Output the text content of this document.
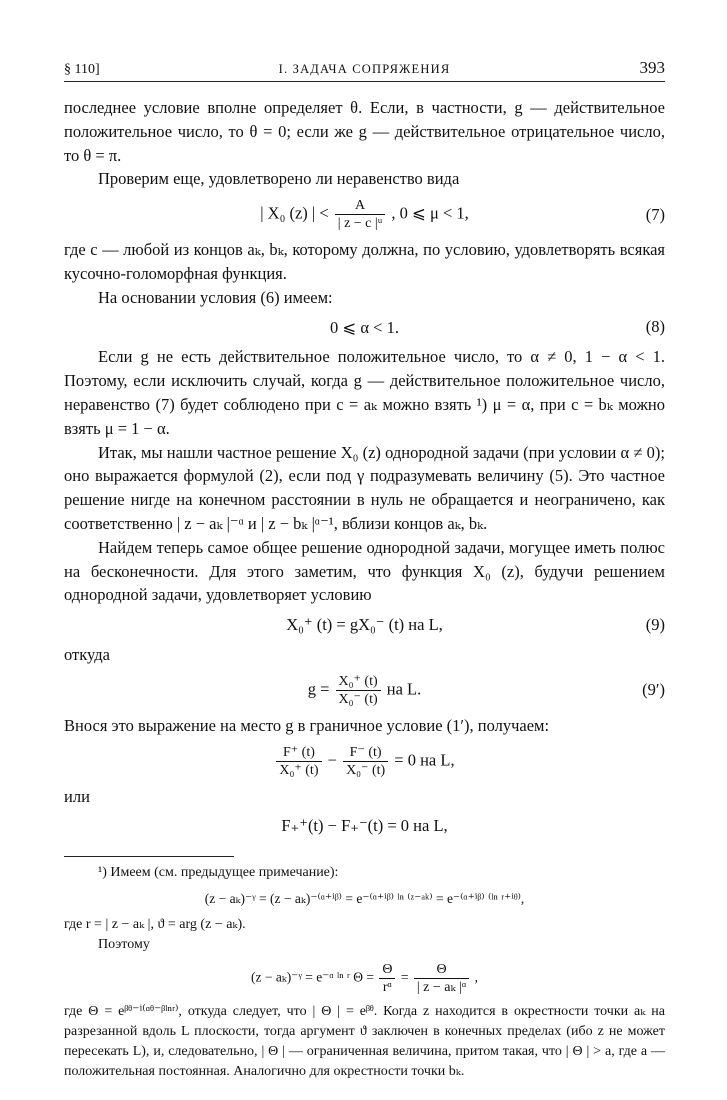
§ 110]	I. ЗАДАЧА СОПРЯЖЕНИЯ	393

последнее условие вполне определяет θ. Если, в частности, g — действительное положительное число, то θ = 0; если же g — действительное отрицательное число, то θ = π.

Проверим еще, удовлетворено ли неравенство вида

| X₀ (z) | < $\frac{A}{\text{| z − c |ᵘ}}$ , 0 ⩽ μ < 1,	(7)

где c — любой из концов aₖ, bₖ, которому должна, по условию, удовлетворять всякая кусочно-голоморфная функция.

На основании условия (6) имеем:

0 ⩽ α < 1.	(8)

Если g не есть действительное положительное число, то α ≠ 0, 1 − α < 1. Поэтому, если исключить случай, когда g — действительное положительное число, неравенство (7) будет соблюдено при c = aₖ можно взять ¹) μ = α, при c = bₖ можно взять μ = 1 − α.

Итак, мы нашли частное решение X₀ (z) однородной задачи (при условии α ≠ 0); оно выражается формулой (2), если под γ подразумевать величину (5). Это частное решение нигде на конечном расстоянии в нуль не обращается и неограничено, как соответственно | z − aₖ |⁻ᵅ и | z − bₖ |ᵅ⁻¹, вблизи концов aₖ, bₖ.

Найдем теперь самое общее решение однородной задачи, могущее иметь полюс на бесконечности. Для этого заметим, что функция X₀ (z), будучи решением однородной задачи, удовлетворяет условию

X₀⁺ (t) = gX₀⁻ (t) на L,	(9)

откуда

$g = \frac{\text{X₀⁺ (t)}}{\text{X₀⁻ (t)}}$ на L.	(9′)

Внося это выражение на место g в граничное условие (1′), получаем:

$\frac{F^+ (t)}{\text{X₀⁺ (t)}} - \frac{F^- (t)}{\text{X₀⁻ (t)}} = 0$ на L,

или

F₊⁺(t) − F₊⁻(t) = 0 на L,

¹) Имеем (см. предыдущее примечание):

(z − aₖ)⁻ᵞ = (z − aₖ)⁻⁽ᵅ⁺ⁱᵝ⁾ = e⁻⁽ᵅ⁺ⁱᵝ⁾ ˡⁿ ⁽ᶻ⁻ᵃᵏ⁾ = e⁻⁽ᵅ⁺ⁱᵝ⁾ ⁽ˡⁿ ʳ⁺ⁱᶿ⁾,

где r = | z − aₖ |, ϑ = arg (z − aₖ).

Поэтому

(z − aₖ)⁻ᵞ = e⁻ᵅ ˡⁿ ʳ $\Theta = \frac{\Theta}{\text{rᵅ}} = \frac{\Theta}{\text{| z − aₖ |ᵅ}}$ ,

где Θ = eᵝᶿ⁻ⁱ⁽ᵅᶿ⁻ᵝˡⁿʳ⁾, откуда следует, что | Θ | = eᵝᶿ. Когда z находится в окрестности точки aₖ на разрезанной вдоль L плоскости, тогда аргумент ϑ заключен в конечных пределах (ибо z не может пересекать L), и, следовательно, | Θ | — ограниченная величина, притом такая, что | Θ | > a, где a — положительная постоянная. Аналогично для окрестности точки bₖ.
